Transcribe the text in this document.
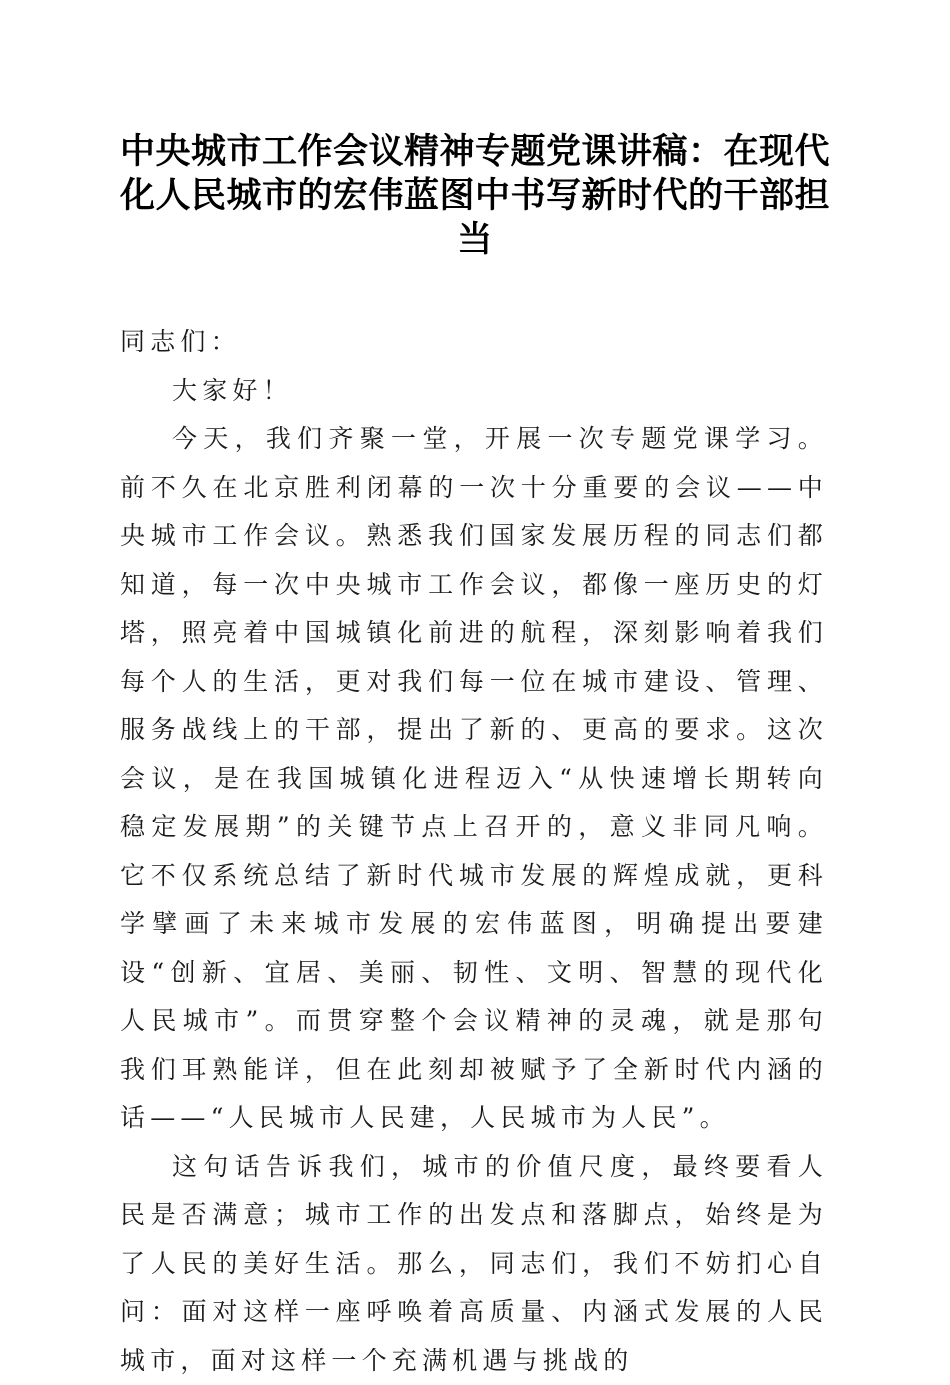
中央城市工作会议精神专题党课讲稿：在现代化人民城市的宏伟蓝图中书写新时代的干部担当

同志们：

大家好！

今天，我们齐聚一堂，开展一次专题党课学习。前不久在北京胜利闭幕的一次十分重要的会议——中央城市工作会议。熟悉我们国家发展历程的同志们都知道，每一次中央城市工作会议，都像一座历史的灯塔，照亮着中国城镇化前进的航程，深刻影响着我们每个人的生活，更对我们每一位在城市建设、管理、服务战线上的干部，提出了新的、更高的要求。这次会议，是在我国城镇化进程迈入“从快速增长期转向稳定发展期”的关键节点上召开的，意义非同凡响。它不仅系统总结了新时代城市发展的辉煌成就，更科学擘画了未来城市发展的宏伟蓝图，明确提出要建设“创新、宜居、美丽、韧性、文明、智慧的现代化人民城市”。而贯穿整个会议精神的灵魂，就是那句我们耳熟能详，但在此刻却被赋予了全新时代内涵的话——“人民城市人民建，人民城市为人民”。

这句话告诉我们，城市的价值尺度，最终要看人民是否满意；城市工作的出发点和落脚点，始终是为了人民的美好生活。那么，同志们，我们不妨扪心自问：面对这样一座呼唤着高质量、内涵式发展的人民城市，面对这样一个充满机遇与挑战的
